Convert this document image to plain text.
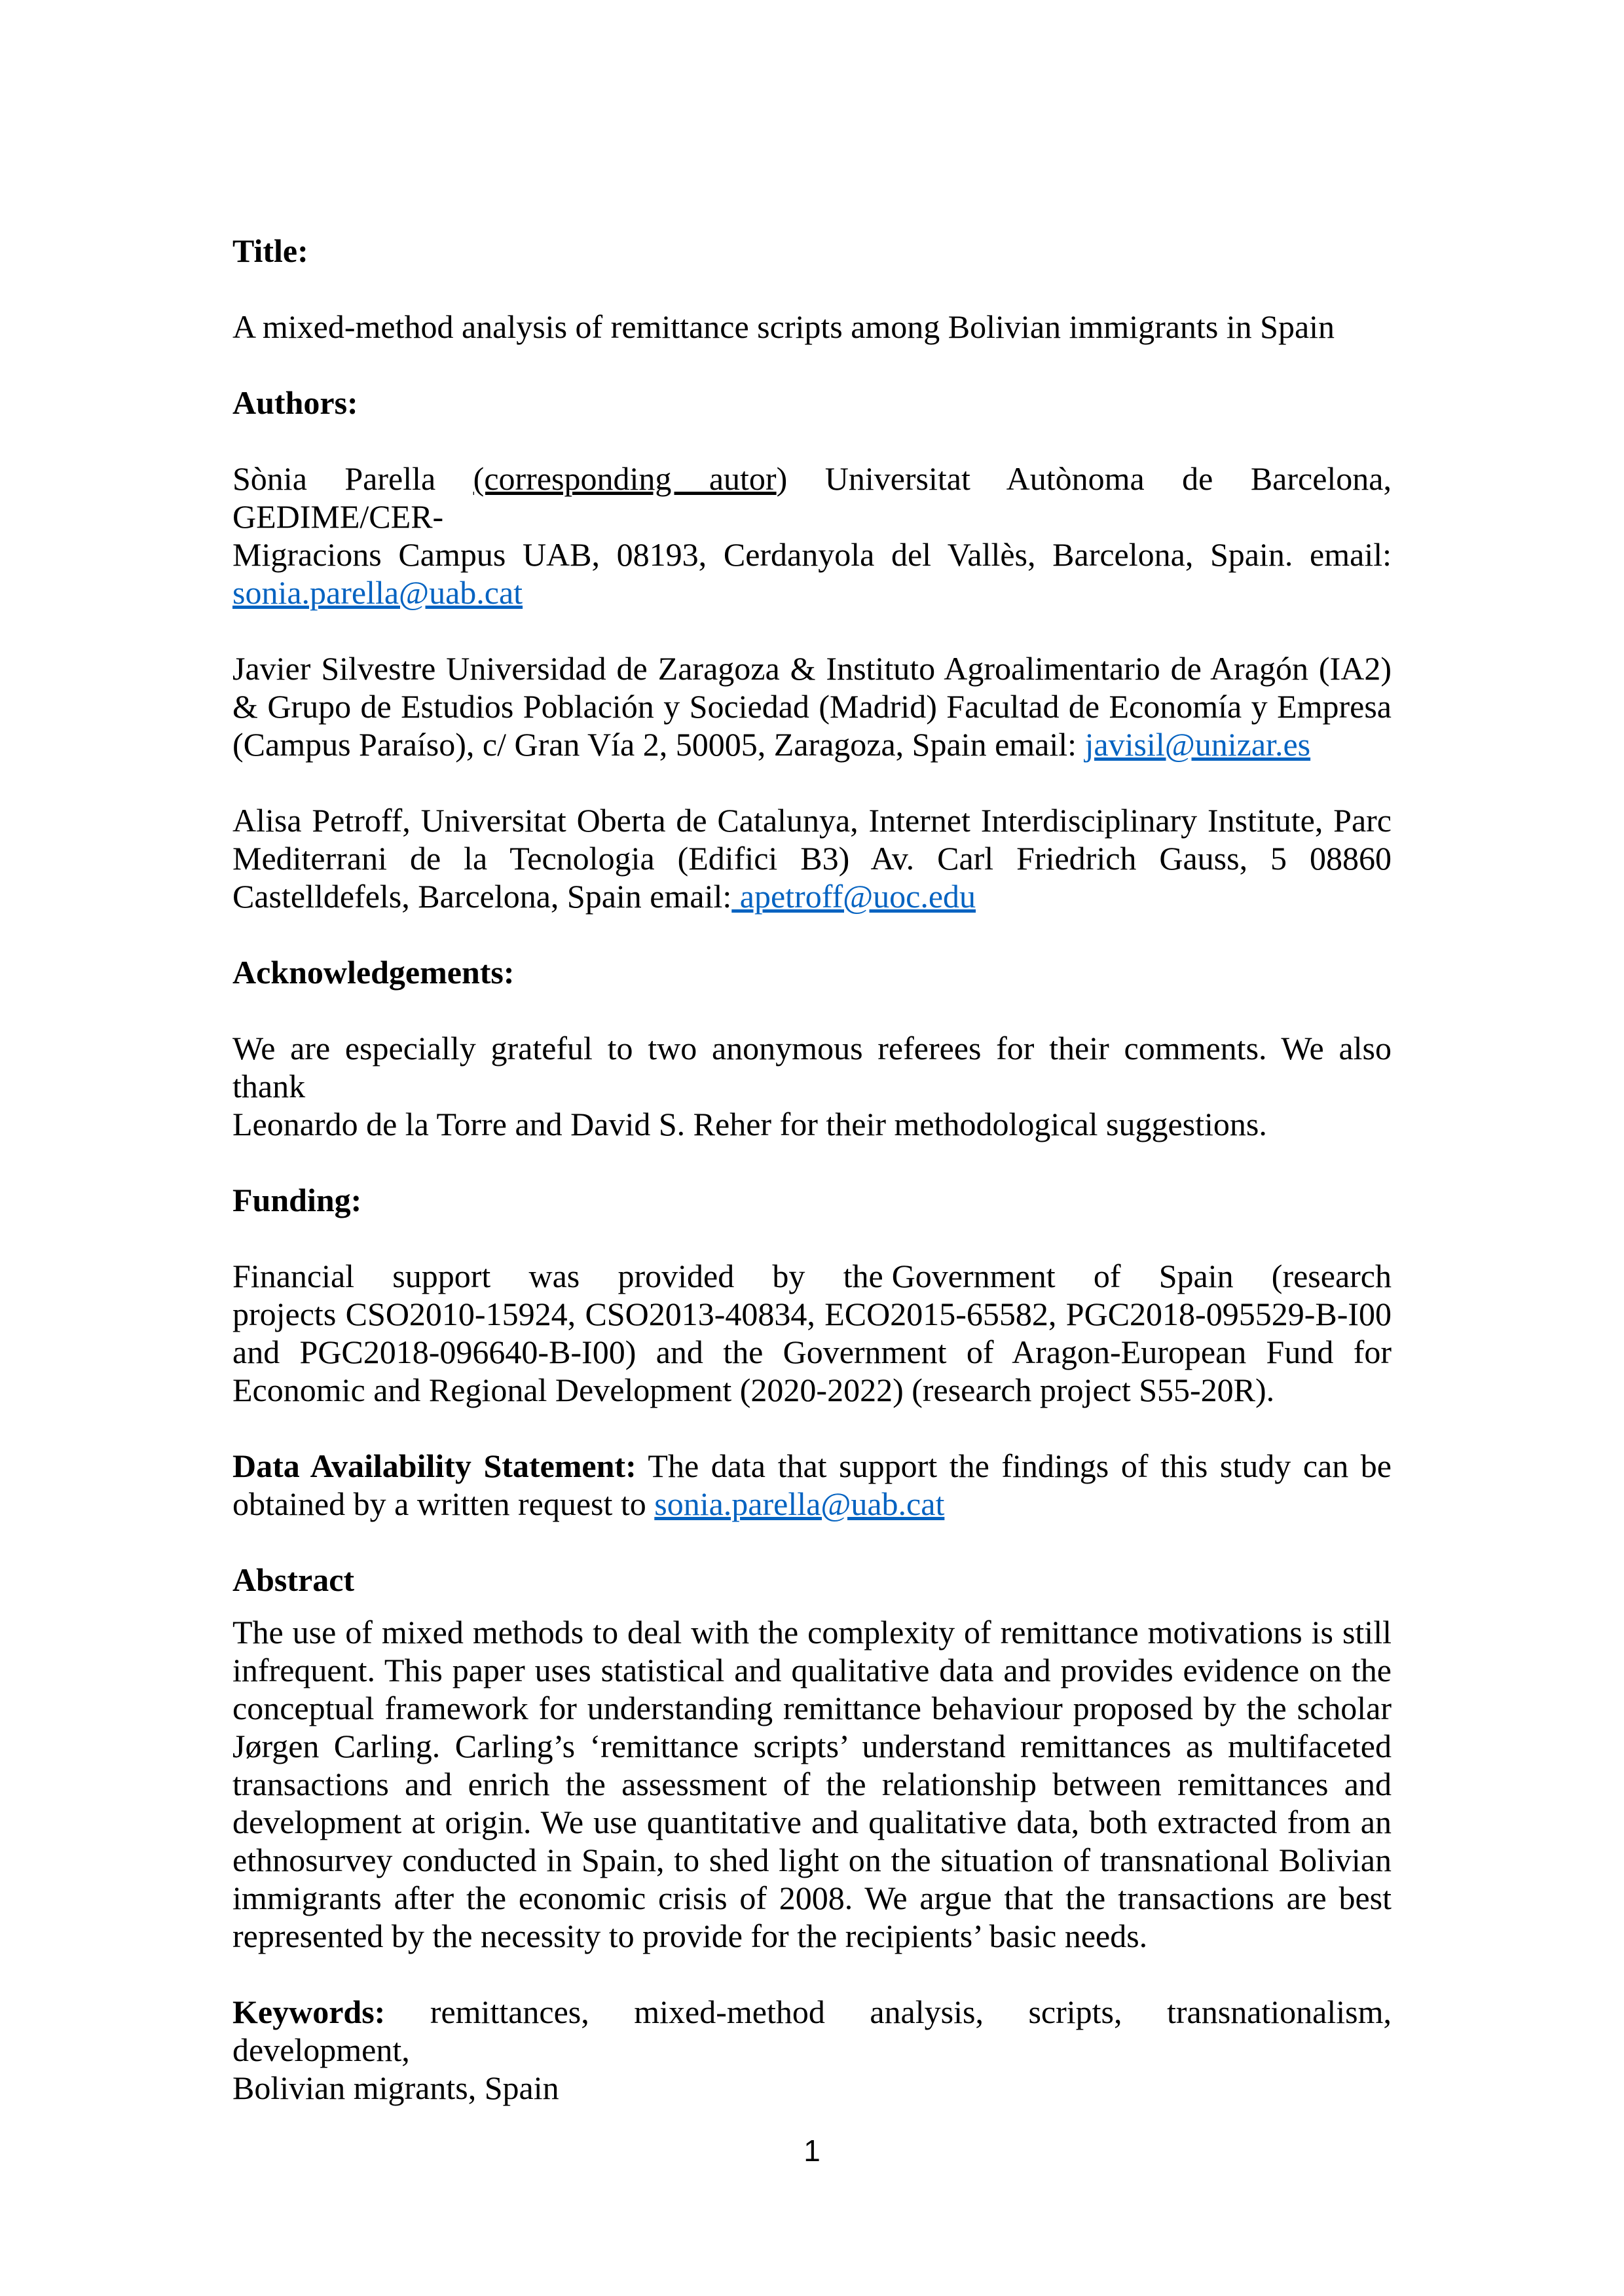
Title:

A mixed-method analysis of remittance scripts among Bolivian immigrants in Spain

Authors:

Sònia Parella (corresponding autor) Universitat Autònoma de Barcelona, GEDIME/CER-

Migracions Campus UAB, 08193, Cerdanyola del Vallès, Barcelona, Spain. email:

sonia.parella@uab.cat

Javier Silvestre Universidad de Zaragoza & Instituto Agroalimentario de Aragón (IA2)

& Grupo de Estudios Población y Sociedad (Madrid) Facultad de Economía y Empresa

(Campus Paraíso), c/ Gran Vía 2, 50005, Zaragoza, Spain email: javisil@unizar.es

Alisa Petroff, Universitat Oberta de Catalunya, Internet Interdisciplinary Institute, Parc

Mediterrani de la Tecnologia (Edifici B3) Av. Carl Friedrich Gauss, 5 08860

Castelldefels, Barcelona, Spain email: apetroff@uoc.edu

Acknowledgements:

We are especially grateful to two anonymous referees for their comments. We also thank

Leonardo de la Torre and David S. Reher for their methodological suggestions.

Funding:

Financial support was provided by the Government of Spain (research

projects CSO2010-15924, CSO2013-40834, ECO2015-65582, PGC2018-095529-B-I00

and PGC2018-096640-B-I00) and the Government of Aragon-European Fund for

Economic and Regional Development (2020-2022) (research project S55-20R).

Data Availability Statement: The data that support the findings of this study can be

obtained by a written request to sonia.parella@uab.cat

Abstract

The use of mixed methods to deal with the complexity of remittance motivations is still

infrequent. This paper uses statistical and qualitative data and provides evidence on the

conceptual framework for understanding remittance behaviour proposed by the scholar

Jørgen Carling. Carling’s ‘remittance scripts’ understand remittances as multifaceted

transactions and enrich the assessment of the relationship between remittances and

development at origin. We use quantitative and qualitative data, both extracted from an

ethnosurvey conducted in Spain, to shed light on the situation of transnational Bolivian

immigrants after the economic crisis of 2008. We argue that the transactions are best

represented by the necessity to provide for the recipients’ basic needs.

Keywords: remittances, mixed-method analysis, scripts, transnationalism, development,

Bolivian migrants, Spain

1
